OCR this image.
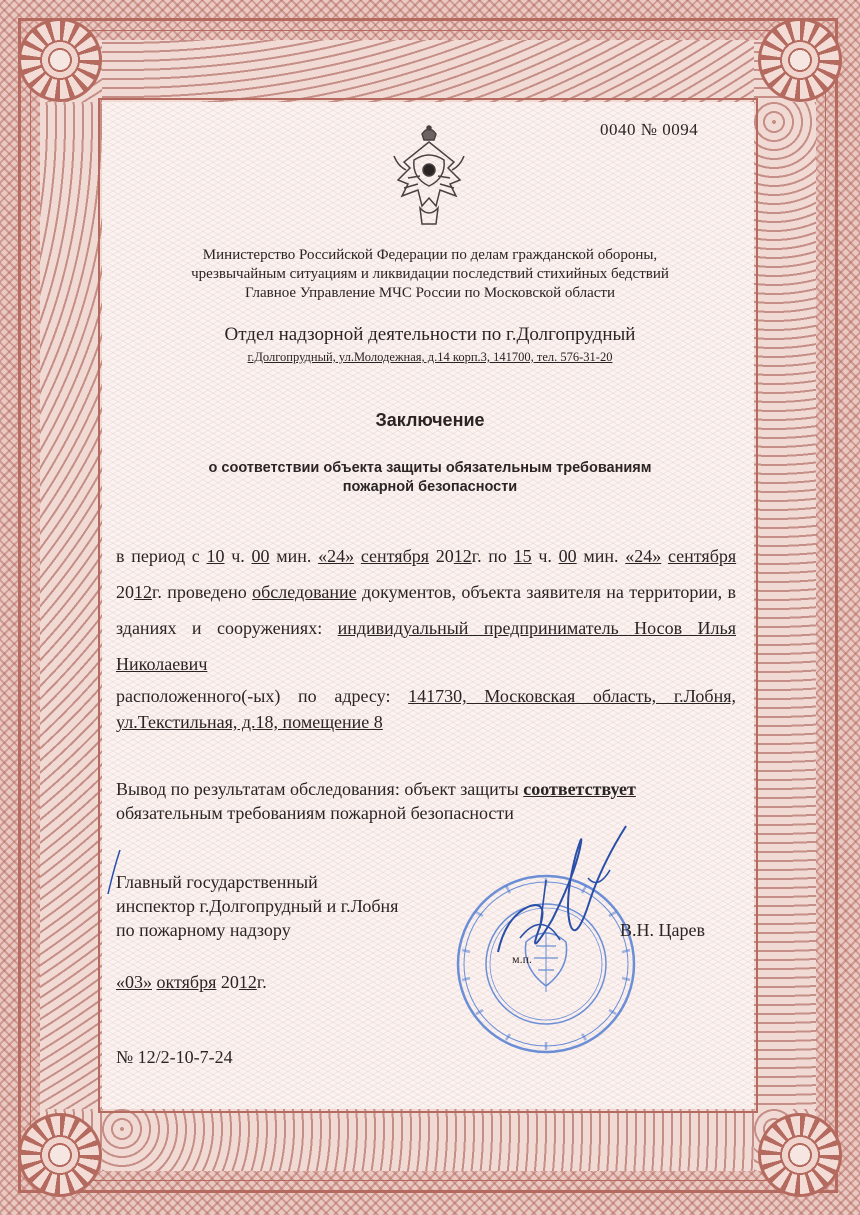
0040 № 0094
Министерство Российской Федерации по делам гражданской обороны,
чрезвычайным ситуациям и ликвидации последствий стихийных бедствий
Главное Управление МЧС России по Московской области
Отдел надзорной деятельности по г.Долгопрудный
г.Долгопрудный, ул.Молодежная, д.14 корп.3, 141700, тел. 576-31-20
Заключение
о соответствии объекта защиты обязательным требованиям
пожарной безопасности
в период с 10 ч. 00 мин. «24» сентября 2012г. по 15 ч. 00 мин. «24» сентября 2012г. проведено обследование документов, объекта заявителя на территории, в зданиях и сооружениях: индивидуальный предприниматель Носов Илья Николаевич
расположенного(-ых) по адресу: 141730, Московская область, г.Лобня, ул.Текстильная, д.18, помещение 8
Вывод по результатам обследования: объект защиты соответствует
обязательным требованиям пожарной безопасности
Главный государственный
инспектор г.Долгопрудный и г.Лобня
по пожарному надзору
м.п.
В.Н. Царев
«03» октября 2012г.
№ 12/2-10-7-24
